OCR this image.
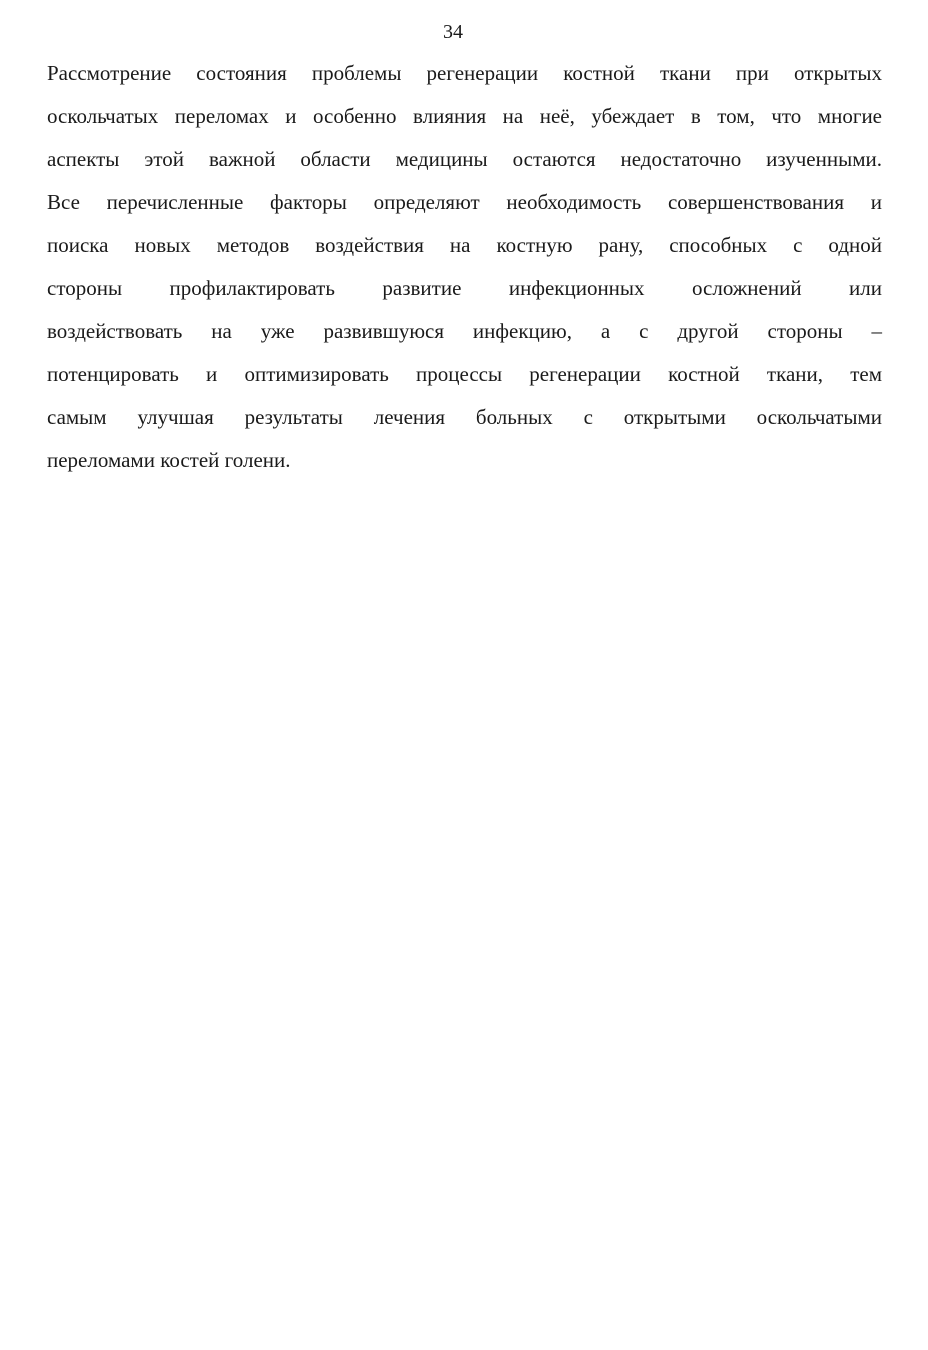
34
Рассмотрение состояния проблемы регенерации костной ткани при открытых
оскольчатых переломах и особенно влияния на неё, убеждает в том, что многие
аспекты этой важной области медицины остаются недостаточно изученными.
Все перечисленные факторы определяют необходимость совершенствования и
поиска новых методов воздействия на костную рану, способных с одной
стороны профилактировать развитие инфекционных осложнений или
воздействовать на уже развившуюся инфекцию, а с другой стороны –
потенцировать и оптимизировать процессы регенерации костной ткани, тем
самым улучшая результаты лечения больных с открытыми оскольчатыми
переломами костей голени.
